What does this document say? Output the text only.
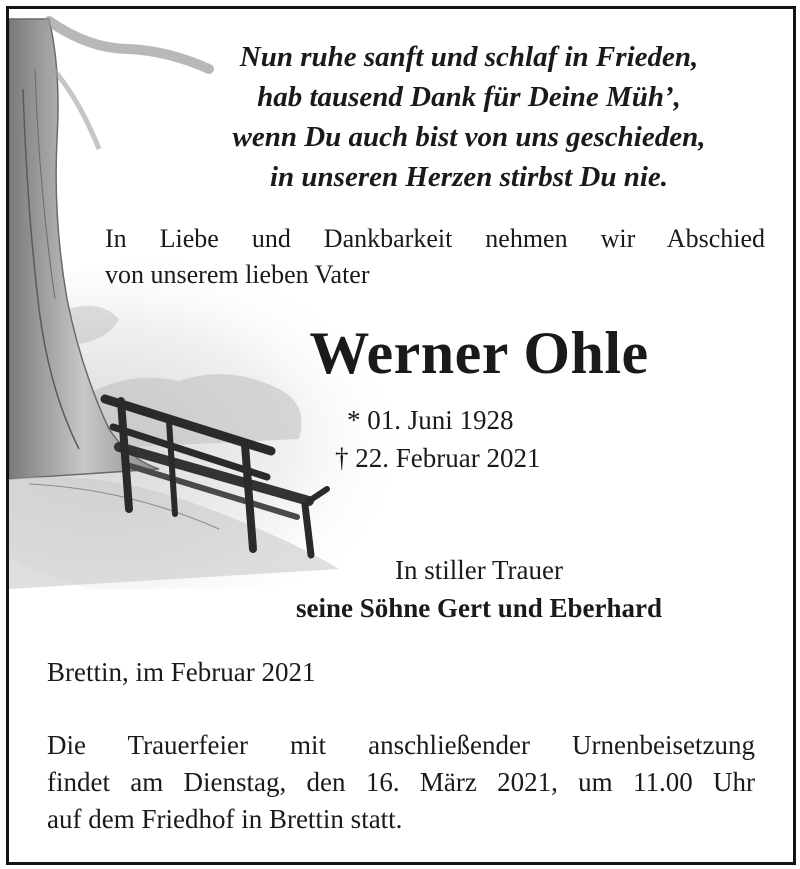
Nun ruhe sanft und schlaf in Frieden,
hab tausend Dank für Deine Müh’,
wenn Du auch bist von uns geschieden,
in unseren Herzen stirbst Du nie.
In Liebe und Dankbarkeit nehmen wir Abschied
von unserem lieben Vater
Werner Ohle
* 01. Juni 1928
† 22. Februar 2021
In stiller Trauer
seine Söhne Gert und Eberhard
Brettin, im Februar 2021
Die Trauerfeier mit anschließender Urnenbeisetzung
findet am Dienstag, den 16. März 2021, um 11.00 Uhr
auf dem Friedhof in Brettin statt.
